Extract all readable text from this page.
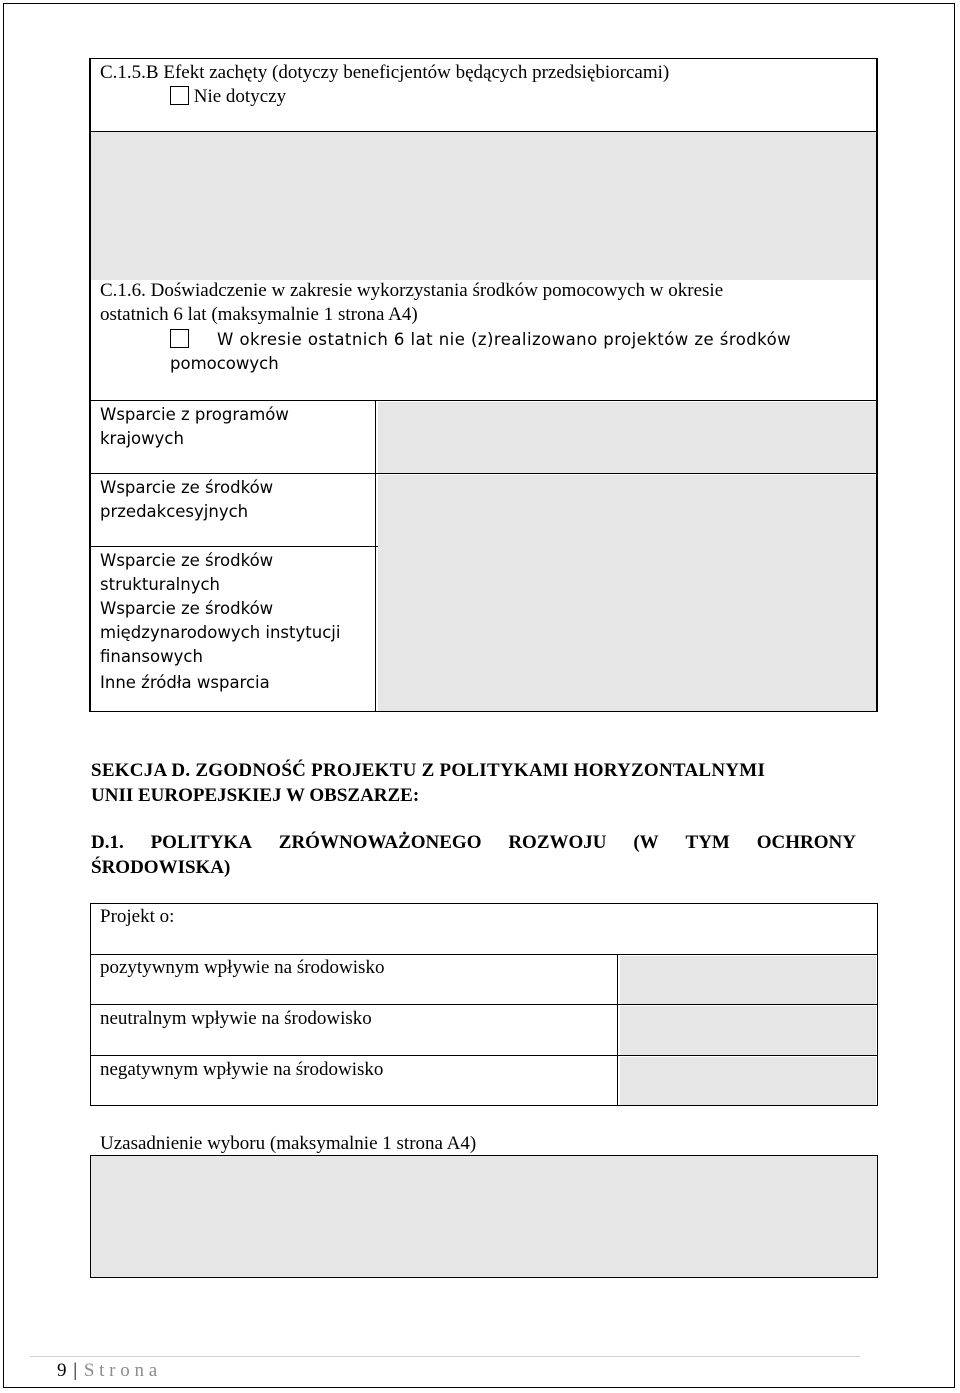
C.1.5.B Efekt zachęty (dotyczy beneficjentów będących przedsiębiorcami)
Nie dotyczy
C.1.6. Doświadczenie w zakresie wykorzystania środków pomocowych w okresie
ostatnich 6 lat (maksymalnie 1 strona A4)
W okresie ostatnich 6 lat nie (z)realizowano projektów ze środków
pomocowych
Wsparcie z programów
krajowych
Wsparcie ze środków
przedakcesyjnych
Wsparcie ze środków
strukturalnych
Wsparcie ze środków
międzynarodowych instytucji
finansowych
Inne źródła wsparcia
SEKCJA D. ZGODNOŚĆ PROJEKTU Z POLITYKAMI HORYZONTALNYMI
UNII EUROPEJSKIEJ W OBSZARZE:
D.1. POLITYKA ZRÓWNOWAŻONEGO ROZWOJU (W TYM OCHRONY
ŚRODOWISKA)
Projekt o:
pozytywnym wpływie na środowisko
neutralnym wpływie na środowisko
negatywnym wpływie na środowisko
Uzasadnienie wyboru (maksymalnie 1 strona A4)
9 | S t r o n a
